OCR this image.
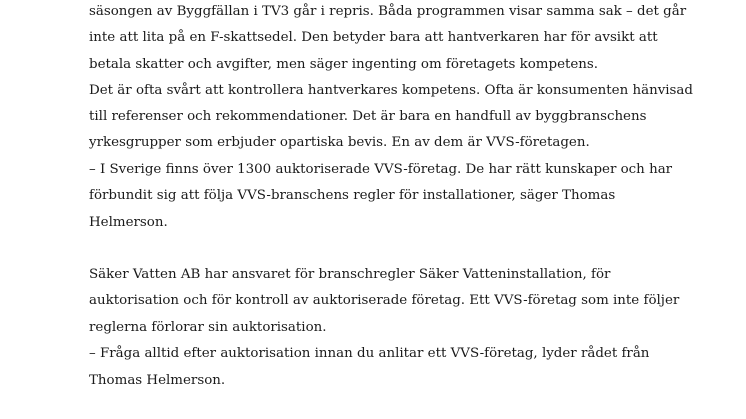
säsongen av Byggfällan i TV3 går i repris. Båda programmen visar samma sak – det går
inte att lita på en F-skattsedel. Den betyder bara att hantverkaren har för avsikt att
betala skatter och avgifter, men säger ingenting om företagets kompetens.
Det är ofta svårt att kontrollera hantverkares kompetens. Ofta är konsumenten hänvisad
till referenser och rekommendationer. Det är bara en handfull av byggbranschens
yrkesgrupper som erbjuder opartiska bevis. En av dem är VVS-företagen.
– I Sverige finns över 1300 auktoriserade VVS-företag. De har rätt kunskaper och har
förbundit sig att följa VVS-branschens regler för installationer, säger Thomas
Helmerson.
Säker Vatten AB har ansvaret för branschregler Säker Vatteninstallation, för
auktorisation och för kontroll av auktoriserade företag. Ett VVS-företag som inte följer
reglerna förlorar sin auktorisation.
– Fråga alltid efter auktorisation innan du anlitar ett VVS-företag, lyder rådet från
Thomas Helmerson.
